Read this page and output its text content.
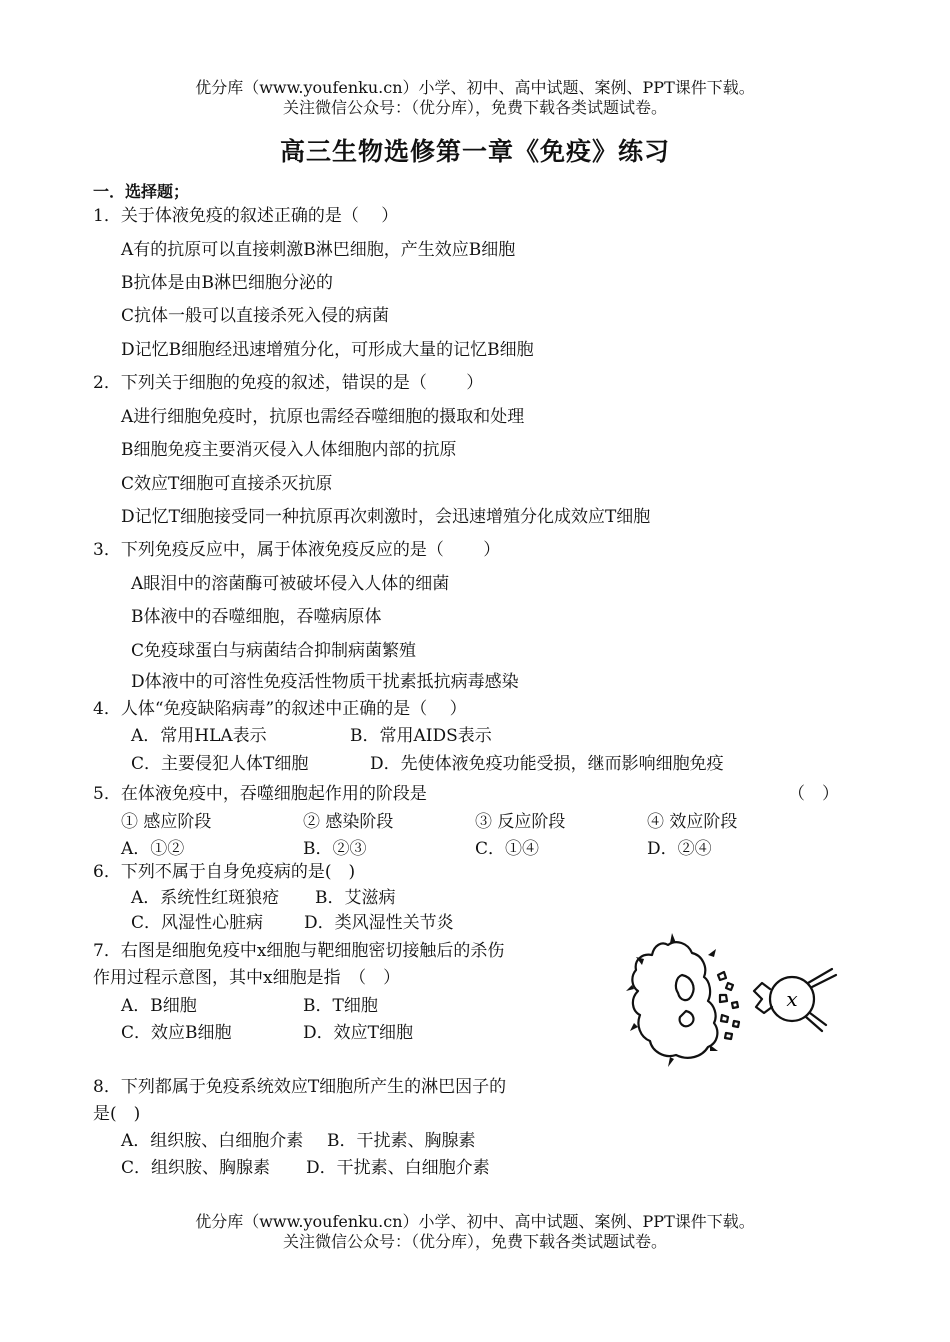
优分库（www.youfenku.cn）小学、初中、高中试题、案例、PPT课件下载。
关注微信公众号：（优分库），免费下载各类试题试卷。
高三生物选修第一章《免疫》练习
一．选择题；
1．关于体液免疫的叙述正确的是（　 ）
A有的抗原可以直接刺激B淋巴细胞，产生效应B细胞
B抗体是由B淋巴细胞分泌的
C抗体一般可以直接杀死入侵的病菌
D记忆B细胞经迅速增殖分化，可形成大量的记忆B细胞
2．下列关于细胞的免疫的叙述，错误的是（　　 ）
A进行细胞免疫时，抗原也需经吞噬细胞的摄取和处理
B细胞免疫主要消灭侵入人体细胞内部的抗原
C效应T细胞可直接杀灭抗原
D记忆T细胞接受同一种抗原再次刺激时，会迅速增殖分化成效应T细胞
3．下列免疫反应中，属于体液免疫反应的是（　　 ）
A眼泪中的溶菌酶可被破坏侵入人体的细菌
B体液中的吞噬细胞，吞噬病原体
C免疫球蛋白与病菌结合抑制病菌繁殖
D体液中的可溶性免疫活性物质干扰素抵抗病毒感染
4．人体“免疫缺陷病毒”的叙述中正确的是（　 ）
A．常用HLA表示	B．常用AIDS表示
C．主要侵犯人体T细胞	D．先使体液免疫功能受损，继而影响细胞免疫
5．在体液免疫中，吞噬细胞起作用的阶段是	（　）
① 感应阶段	② 感染阶段	③ 反应阶段	④ 效应阶段
A．①②	B．②③	C．①④	D．②④
6．下列不属于自身免疫病的是(　)
A．系统性红斑狼疮 B．艾滋病
C．风湿性心脏病 D．类风湿性关节炎
7．右图是细胞免疫中x细胞与靶细胞密切接触后的杀伤
作用过程示意图，其中x细胞是指　（　）
A．B细胞	B．T细胞
C．效应B细胞	D．效应T细胞
x
8．下列都属于免疫系统效应T细胞所产生的淋巴因子的
是(　)
A．组织胺、白细胞介素 B．干扰素、胸腺素
C．组织胺、胸腺素 D．干扰素、白细胞介素
优分库（www.youfenku.cn）小学、初中、高中试题、案例、PPT课件下载。
关注微信公众号：（优分库），免费下载各类试题试卷。
